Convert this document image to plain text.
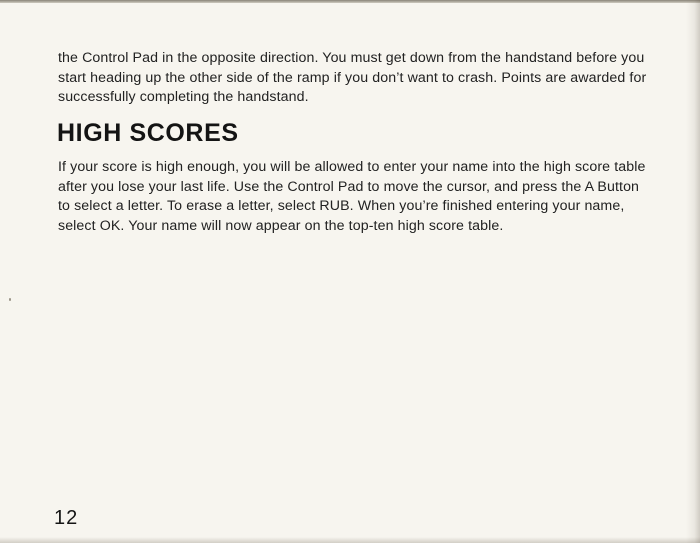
the Control Pad in the opposite direction. You must get down from the handstand before you start heading up the other side of the ramp if you don’t want to crash. Points are awarded for successfully completing the handstand.

HIGH SCORES

If your score is high enough, you will be allowed to enter your name into the high score table after you lose your last life. Use the Control Pad to move the cursor, and press the A Button to select a letter. To erase a letter, select RUB. When you’re finished entering your name, select OK. Your name will now appear on the top-ten high score table.

12
